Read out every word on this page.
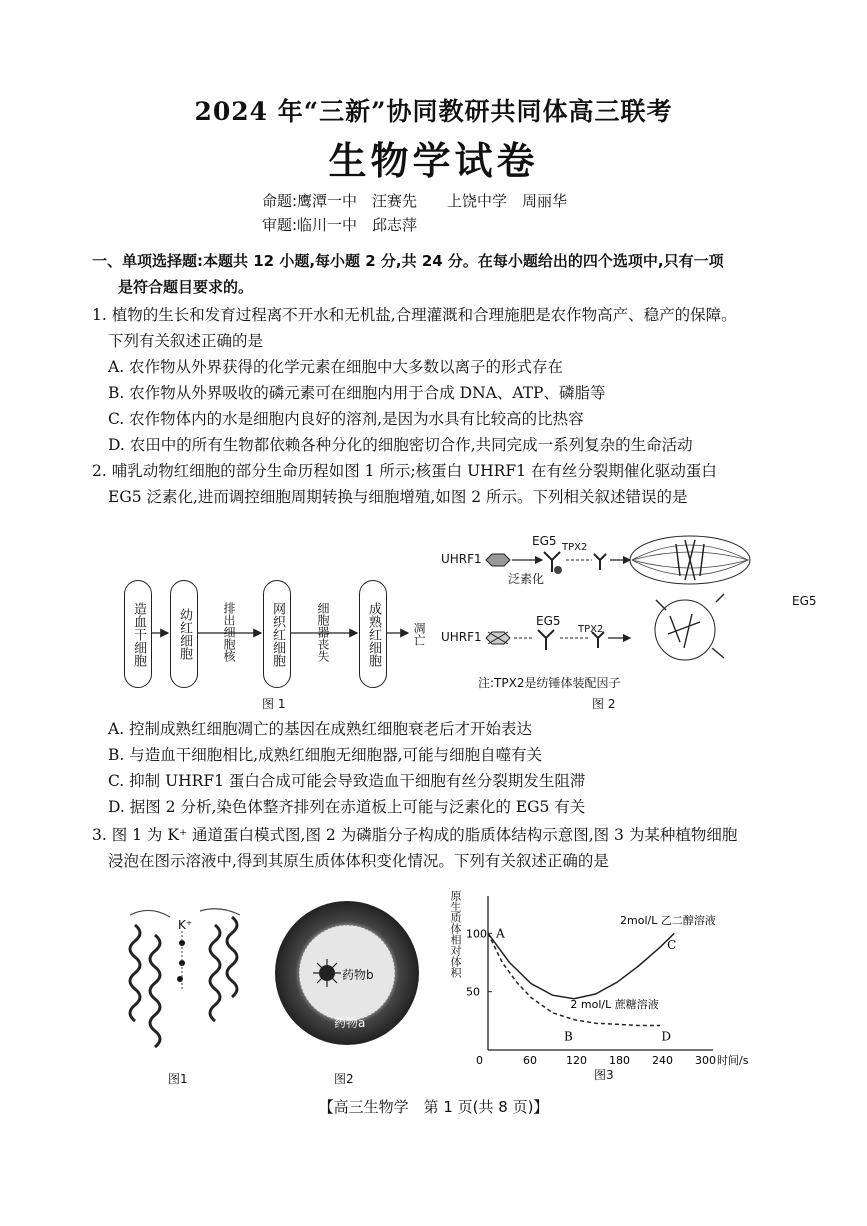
2024 年“三新”协同教研共同体高三联考
生物学试卷
命题:鹰潭一中　汪赛先　　上饶中学　周丽华
审题:临川一中　邱志萍
一、单项选择题:本题共 12 小题,每小题 2 分,共 24 分。在每小题给出的四个选项中,只有一项
是符合题目要求的。
1. 植物的生长和发育过程离不开水和无机盐,合理灌溉和合理施肥是农作物高产、稳产的保障。
下列有关叙述正确的是
A. 农作物从外界获得的化学元素在细胞中大多数以离子的形式存在
B. 农作物从外界吸收的磷元素可在细胞内用于合成 DNA、ATP、磷脂等
C. 农作物体内的水是细胞内良好的溶剂,是因为水具有比较高的比热容
D. 农田中的所有生物都依赖各种分化的细胞密切合作,共同完成一系列复杂的生命活动
2. 哺乳动物红细胞的部分生命历程如图 1 所示;核蛋白 UHRF1 在有丝分裂期催化驱动蛋白
EG5 泛素化,进而调控细胞周期转换与细胞增殖,如图 2 所示。下列相关叙述错误的是
造血干细胞	幼红细胞	网织红细胞	成熟红细胞
排出细胞核	细胞器丧失	凋亡
图 1
UHRF1
UHRF1
EG5
EG5
EG5
TPX2
TPX2
泛素化
注:TPX2是纺锤体装配因子
图 2
A. 控制成熟红细胞凋亡的基因在成熟红细胞衰老后才开始表达
B. 与造血干细胞相比,成熟红细胞无细胞器,可能与细胞自噬有关
C. 抑制 UHRF1 蛋白合成可能会导致造血干细胞有丝分裂期发生阻滞
D. 据图 2 分析,染色体整齐排列在赤道板上可能与泛素化的 EG5 有关
3. 图 1 为 K⁺ 通道蛋白模式图,图 2 为磷脂分子构成的脂质体结构示意图,图 3 为某种植物细胞
浸泡在图示溶液中,得到其原生质体体积变化情况。下列有关叙述正确的是
K⁺
图1
药物b
药物a
图2
0	60	120 180 240 300
50
100
时间/s
A
B
C
D
2mol/L 乙二醇溶液
2 mol/L 蔗糖溶液
原生质体相对体积
图3
【高三生物学　第 1 页(共 8 页)】
